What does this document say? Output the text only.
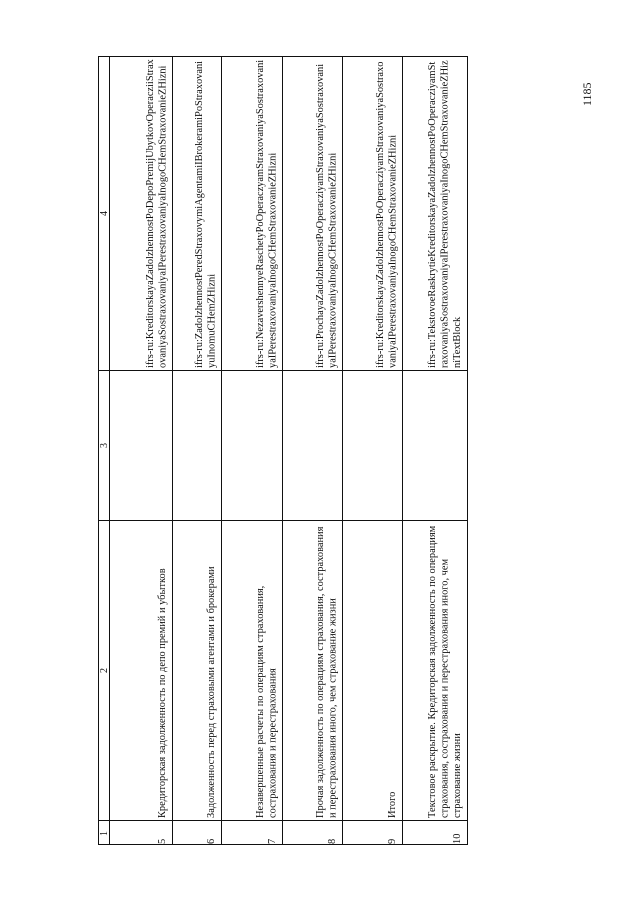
1185
1
2
3
4
5
Кредиторская задолженность по депо премий и убытков
ifrs-ru:KreditorskayaZadolzhennostPoDepoPremijUbytkovOperacziiStraxovaniyaSostraxovaniyaIPerestraxovaniyaInogoCHemStraxovanieZHizni
6
Задолженность перед страховыми агентами и брокерами
ifrs-ru:ZadolzhennostPeredStraxovymiAgentamiIBrokeramiPoStraxovaniyuInomuCHemZHizni
7
Незавершенные расчеты по операциям страхования, сострахования и перестрахования
ifrs-ru:NezavershennyeRaschetyPoOperaczyamStraxovaniyaSostraxovaniyaIPerestraxovaniyaInogoCHemStraxovanieZHizni
8
Прочая задолженность по операциям страхования, сострахования и перестрахования иного, чем страхование жизни
ifrs-ru:ProchayaZadolzhennostPoOperacziyamStraxovaniyaSostraxovaniyaIPerestraxovaniyaInogoCHemStraxovanieZHizni
9
Итого
ifrs-ru:KreditorskayaZadolzhennostPoOperacziyamStraxovaniyaSostraxovaniyaIPerestraxovaniyaInogoCHemStraxovanieZHizni
10
Текстовое раскрытие. Кредиторская задолженность по операциям страхования, сострахования и перестрахования иного, чем страхование жизни
ifrs-ru:TekstovoeRaskrytieKreditorskayaZadolzhennostPoOperacziyamStraxovaniyaSostraxovaniyaIPerestraxovaniyaInogoCHemStraxovanieZHizniTextBlock
